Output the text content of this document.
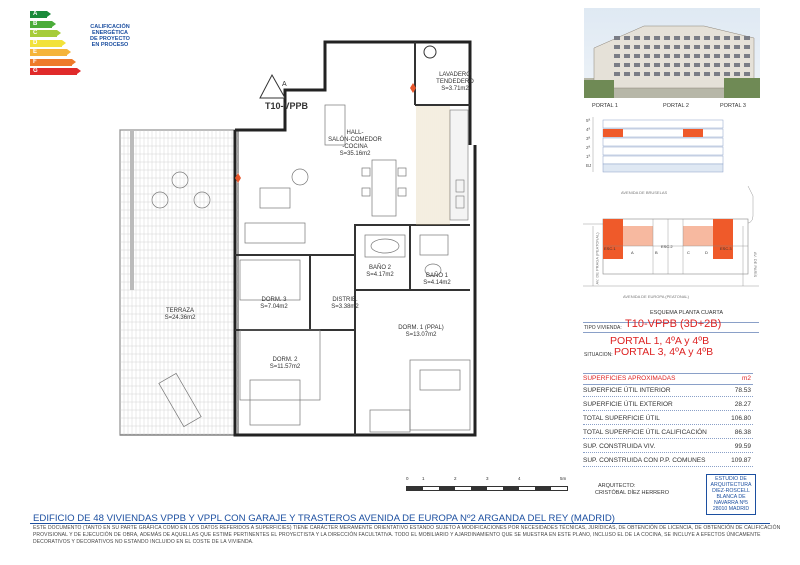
A
B
C
D
E
F
G
CALIFICACIÓN
ENERGÉTICA
DE PROYECTO
EN PROCESO
T10-VPPB
A
LAVADERO
TENDEDERO
S=3.71m2
HALL-
SALÓN-COMEDOR
-COCINA
S=35.16m2
BAÑO 2
S=4.17m2	BAÑO 1
S=4.14m2
TERRAZA
S=24.36m2
DORM. 3
S=7.04m2
DISTRIB.
S=3.38m2
DORM. 1 (PPAL)
S=13.07m2
DORM. 2
S=11.57m2
0	1	2	3	4	5m
PORTAL 1	PORTAL 2	PORTAL 3
5ª
4ª
3ª
2ª
1ª
BJ
AVENIDA DE BRUSELAS
AV. DE PRAGA (PEATONAL)
AVENIDA DE EUROPA (PEATONAL)
AV. DE PARÍS
ESC.1	ESC.2	ESC.3
A	B	C	D
ESQUEMA PLANTA CUARTA
TIPO VIVIENDA: T10-VPPB (3D+2B)
PORTAL 1, 4ºA y 4ºB
SITUACION: PORTAL 3, 4ºA y 4ºB
SUPERFICIES APROXIMADAS	m2
SUPERFICIE ÚTIL INTERIOR	78.53
SUPERFICIE ÚTIL EXTERIOR	28.27
TOTAL SUPERFICIE ÚTIL	106.80
TOTAL SUPERFICIE ÚTIL CALIFICACIÓN	86.38
SUP. CONSTRUIDA VIV.	99.59
SUP. CONSTRUIDA CON P.P. COMUNES	109.87
ARQUITECTO:
CRISTÓBAL DÍEZ HERRERO
ESTUDIO DE
ARQUITECTURA
DIEZ-ROSCELL
BLANCA DE
NAVARRA Nº5
28010 MADRID
EDIFICIO DE 48 VIVIENDAS VPPB Y VPPL CON GARAJE Y TRASTEROS AVENIDA DE EUROPA Nº2 ARGANDA DEL REY (MADRID)
ESTE DOCUMENTO (TANTO EN SU PARTE GRÁFICA COMO EN LOS DATOS REFERIDOS A SUPERFICIES) TIENE CARÁCTER MERAMENTE ORIENTATIVO ESTANDO SUJETO A MODIFICACIONES POR NECESIDADES TÉCNICAS, JURÍDICAS, DE OBTENCIÓN DE LICENCIA, DE OBTENCIÓN DE CALIFICACIÓN
PROVISIONAL Y DE EJECUCIÓN DE OBRA, ADEMÁS DE AQUELLAS QUE ESTIME PERTINENTES EL PROYECTISTA Y LA DIRECCIÓN FACULTATIVA. TODO EL MOBILIARIO Y AJARDINAMIENTO QUE SE MUESTRA EN ESTE PLANO, INCLUSO EL DE LA COCINA, SE INCLUYE A EFECTOS ÚNICAMENTE
DECORATIVOS Y DECORATIVOS NO ESTANDO INCLUIDO EN EL COSTE DE LA VIVIENDA.
